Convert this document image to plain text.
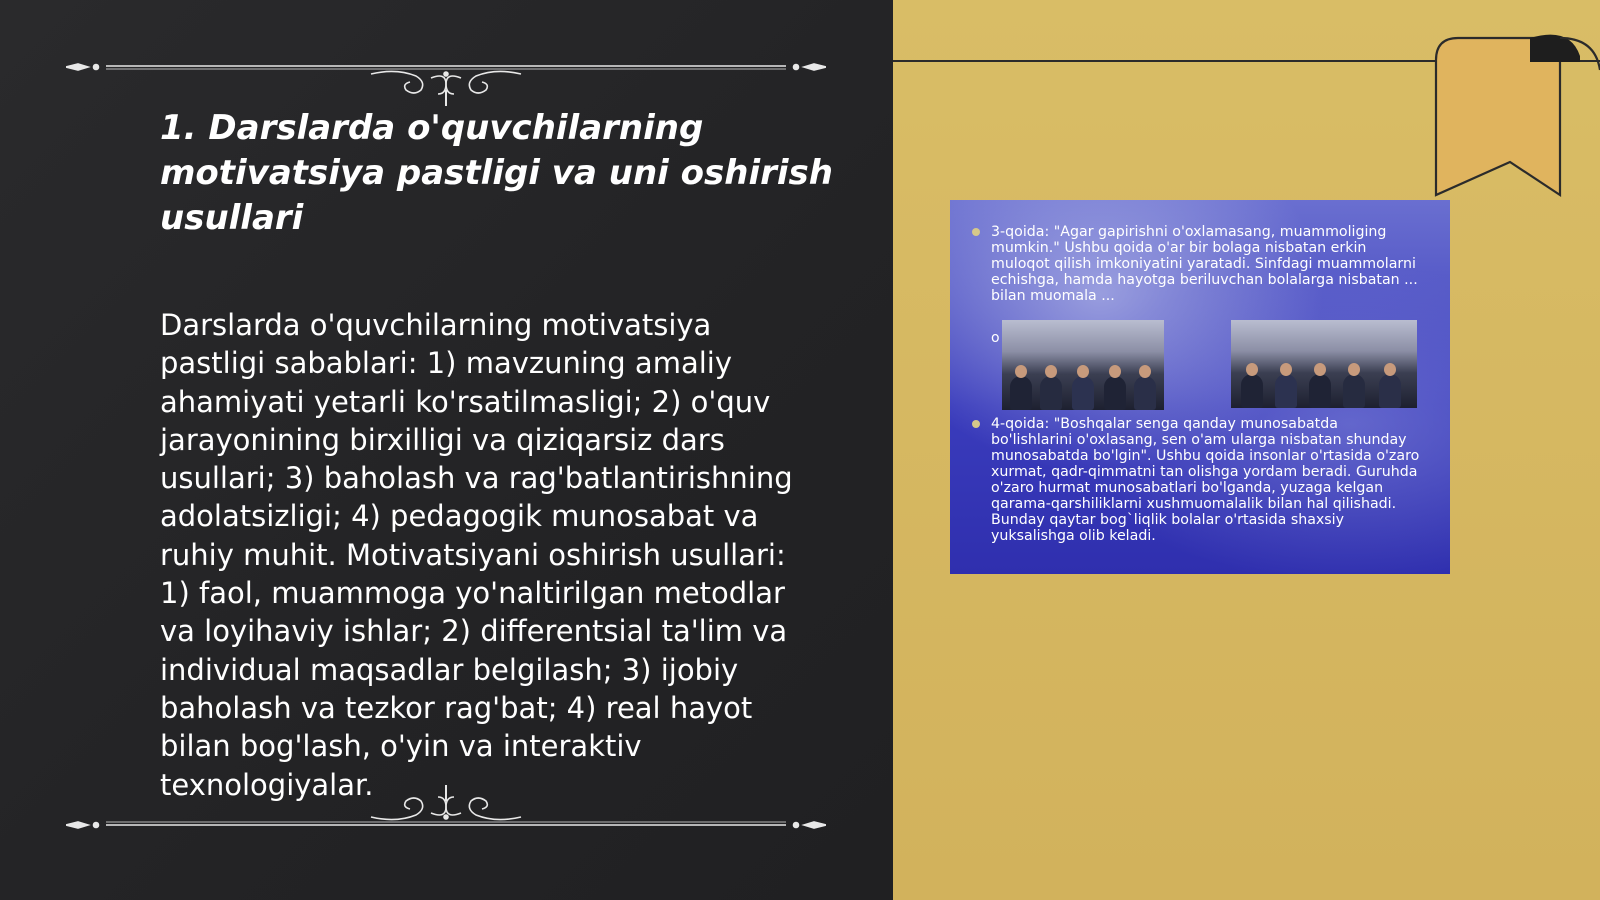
1. Darslarda o'quvchilarning motivatsiya pastligi va uni oshirish usullari

Darslarda o'quvchilarning motivatsiya pastligi sabablari: 1) mavzuning amaliy ahamiyati yetarli ko'rsatilmasligi; 2) o'quv jarayonining birxilligi va qiziqarsiz dars usullari; 3) baholash va rag'batlantirishning adolatsizligi; 4) pedagogik munosabat va ruhiy muhit. Motivatsiyani oshirish usullari: 1) faol, muammoga yo'naltirilgan metodlar va loyihaviy ishlar; 2) differentsial ta'lim va individual maqsadlar belgilash; 3) ijobiy baholash va tezkor rag'bat; 4) real hayot bilan bog'lash, o'yin va interaktiv texnologiyalar.

3-qoida: "Agar gapirishni o'oxlamasang, muammoliging mumkin." Ushbu qoida o'ar bir bolaga nisbatan erkin muloqot qilish imkoniyatini yaratadi. Sinfdagi muammolarni echishga, hamda hayotga beriluvchan bolalarga nisbatan ... bilan muomala ...

o

4-qoida: "Boshqalar senga qanday munosabatda bo'lishlarini o'oxlasang, sen o'am ularga nisbatan shunday munosabatda bo'lgin". Ushbu qoida insonlar o'rtasida o'zaro xurmat, qadr-qimmatni tan olishga yordam beradi. Guruhda o'zaro hurmat munosabatlari bo'lganda, yuzaga kelgan qarama-qarshiliklarni xushmuomalalik bilan hal qilishadi. Bunday qaytar bog`liqlik bolalar o'rtasida shaxsiy yuksalishga olib keladi.
